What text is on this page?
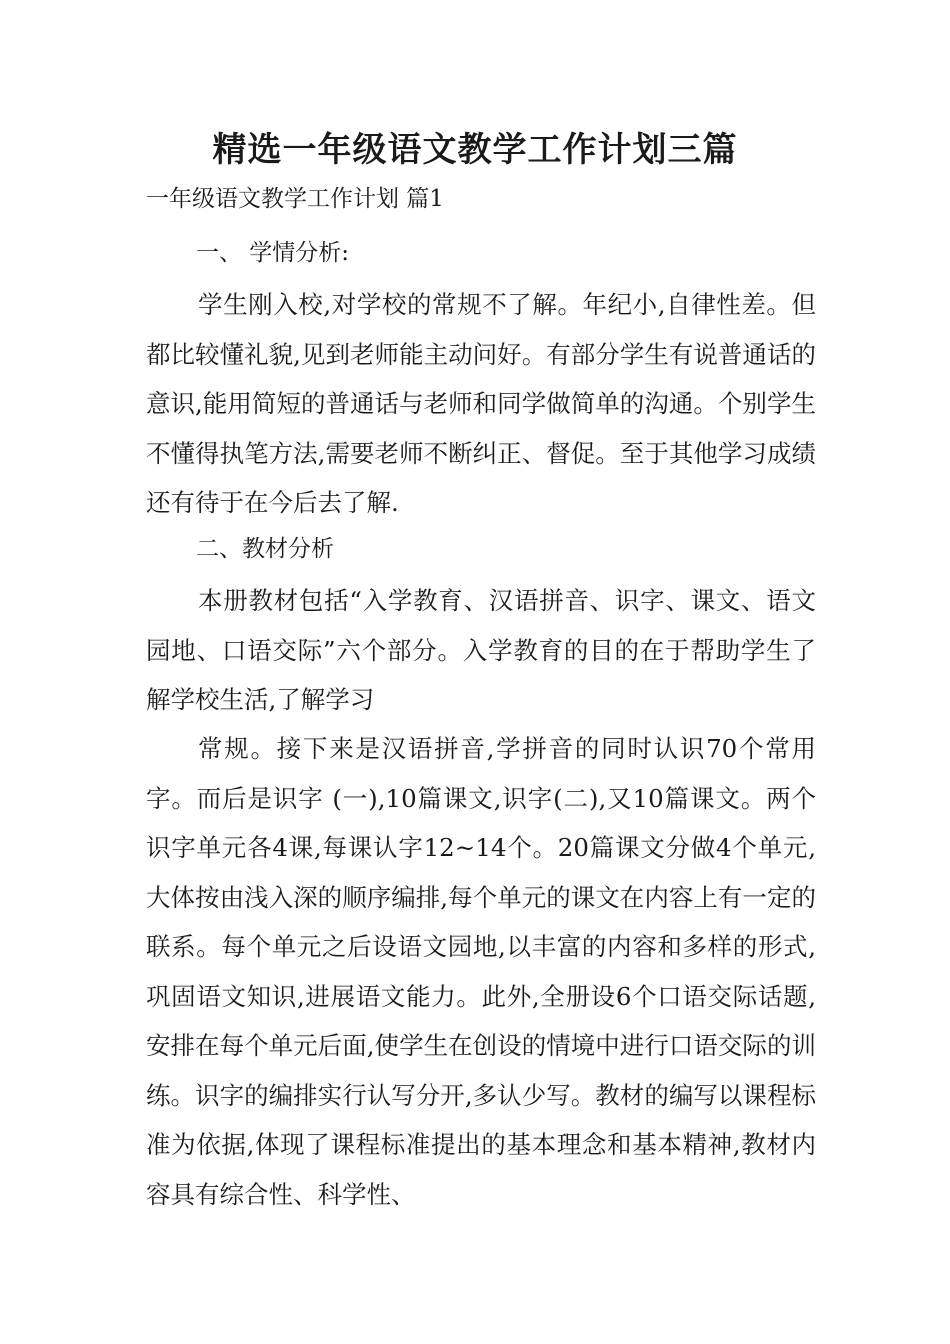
精选一年级语文教学工作计划三篇

一年级语文教学工作计划 篇1

一、 学情分析:

学生刚入校,对学校的常规不了解。年纪小,自律性差。但都比较懂礼貌,见到老师能主动问好。有部分学生有说普通话的意识,能用简短的普通话与老师和同学做简单的沟通。个别学生不懂得执笔方法,需要老师不断纠正、督促。至于其他学习成绩还有待于在今后去了解.

二、教材分析

本册教材包括“入学教育、汉语拼音、识字、课文、语文园地、口语交际”六个部分。入学教育的目的在于帮助学生了解学校生活,了解学习

常规。接下来是汉语拼音,学拼音的同时认识70个常用字。而后是识字 (一),10篇课文,识字(二),又10篇课文。两个识字单元各4课,每课认字12~14个。20篇课文分做4个单元,大体按由浅入深的顺序编排,每个单元的课文在内容上有一定的联系。每个单元之后设语文园地,以丰富的内容和多样的形式,巩固语文知识,进展语文能力。此外,全册设6个口语交际话题,安排在每个单元后面,使学生在创设的情境中进行口语交际的训练。识字的编排实行认写分开,多认少写。教材的编写以课程标准为依据,体现了课程标准提出的基本理念和基本精神,教材内容具有综合性、科学性、
